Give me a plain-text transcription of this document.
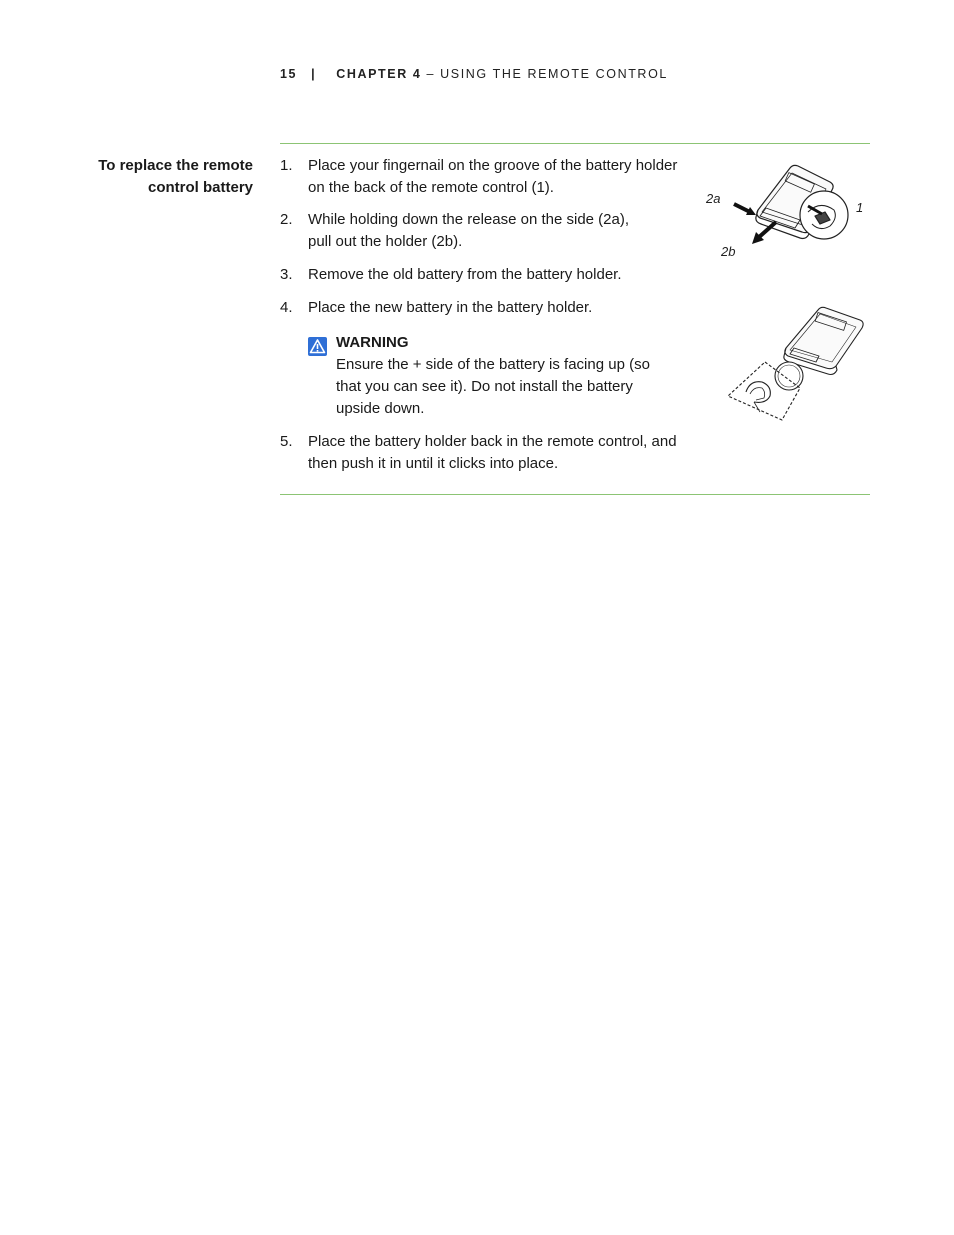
15 | CHAPTER 4 – USING THE REMOTE CONTROL
To replace the remote
control battery
1. Place your fingernail on the groove of the battery holder
on the back of the remote control (1).
2. While holding down the release on the side (2a),
pull out the holder (2b).
3. Remove the old battery from the battery holder.
4. Place the new battery in the battery holder.
WARNING
Ensure the + side of the battery is facing up (so
that you can see it). Do not install the battery
upside down.
5. Place the battery holder back in the remote control, and
then push it in until it clicks into place.
2a
1
2b
